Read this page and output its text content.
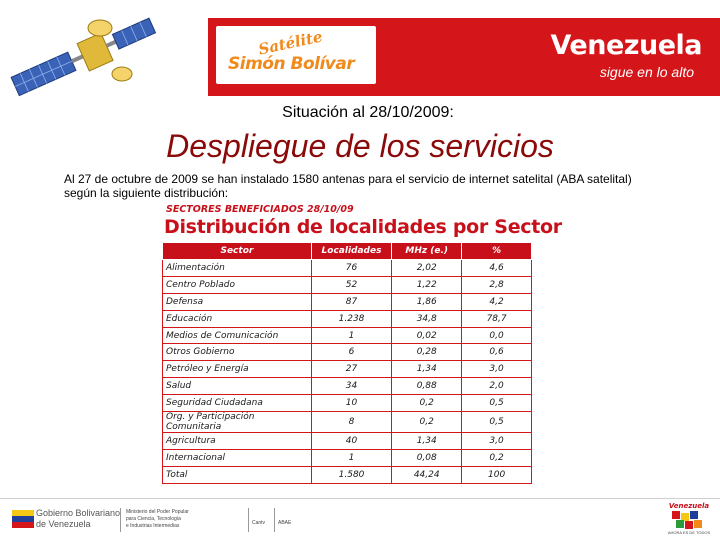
Satélite
Simón Bolívar
Venezuela
sigue en lo alto
Situación al 28/10/2009:
Despliegue de los servicios
Al 27 de octubre de 2009 se han instalado 1580 antenas para el servicio de internet satelital (ABA satelital) según la siguiente distribución:
SECTORES BENEFICIADOS 28/10/09
Distribución de localidades por Sector
Sector	Localidades	MHz (e.)	%
Alimentación	76	2,02	4,6
Centro Poblado	52	1,22	2,8
Defensa	87	1,86	4,2
Educación	1.238	34,8	78,7
Medios de Comunicación	1	0,02	0,0
Otros Gobierno	6	0,28	0,6
Petróleo y Energía	27	1,34	3,0
Salud	34	0,88	2,0
Seguridad Ciudadana	10	0,2	0,5
Org. y Participación Comunitaria	8	0,2	0,5
Agricultura	40	1,34	3,0
Internacional	1	0,08	0,2
Total	1.580	44,24	100
Gobierno Bolivariano
de Venezuela
Ministerio del Poder Popular
para Ciencia, Tecnología
e Industrias Intermedias	Cantv	ABAE
Venezuela
AHORA ES DE TODOS
